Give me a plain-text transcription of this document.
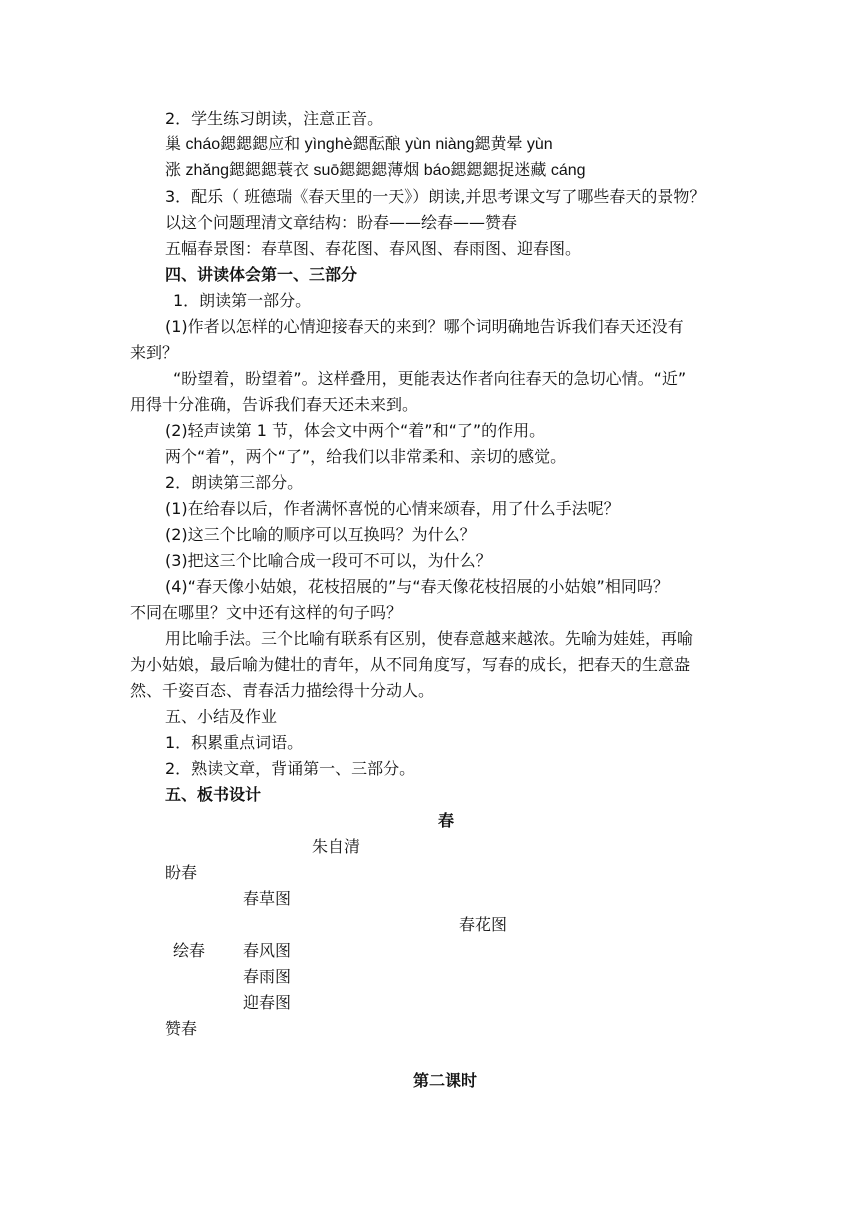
2．学生练习朗读，注意正音。
巢 cháo鍶鍶鍶应和 yìnghè鍶酝酿 yùn niàng鍶黄晕 yùn
涨 zhǎng鍶鍶鍶蓑衣 suō鍶鍶鍶薄烟 báo鍶鍶鍶捉迷藏 cáng
3．配乐（ 班德瑞《春天里的一天》）朗读,并思考课文写了哪些春天的景物？
以这个问题理清文章结构：盼春——绘春——赞春
五幅春景图：春草图、春花图、春风图、春雨图、迎春图。
四、讲读体会第一、三部分
1．朗读第一部分。
(1)作者以怎样的心情迎接春天的来到？哪个词明确地告诉我们春天还没有
来到？
“盼望着，盼望着”。这样叠用，更能表达作者向往春天的急切心情。“近”
用得十分准确，告诉我们春天还未来到。
(2)轻声读第 1 节，体会文中两个“着”和“了”的作用。
两个“着”，两个“了”，给我们以非常柔和、亲切的感觉。
2．朗读第三部分。
(1)在给春以后，作者满怀喜悦的心情来颂春，用了什么手法呢？
(2)这三个比喻的顺序可以互换吗？为什么？
(3)把这三个比喻合成一段可不可以，为什么？
(4)“春天像小姑娘，花枝招展的”与“春天像花枝招展的小姑娘”相同吗？
不同在哪里？文中还有这样的句子吗？
用比喻手法。三个比喻有联系有区别，使春意越来越浓。先喻为娃娃，再喻
为小姑娘，最后喻为健壮的青年，从不同角度写，写春的成长，把春天的生意盎
然、千姿百态、青春活力描绘得十分动人。
五、小结及作业
1．积累重点词语。
2．熟读文章，背诵第一、三部分。
五、板书设计
春
朱自清
盼春
春草图
春花图
绘春 春风图
春雨图
迎春图
赞春
第二课时
